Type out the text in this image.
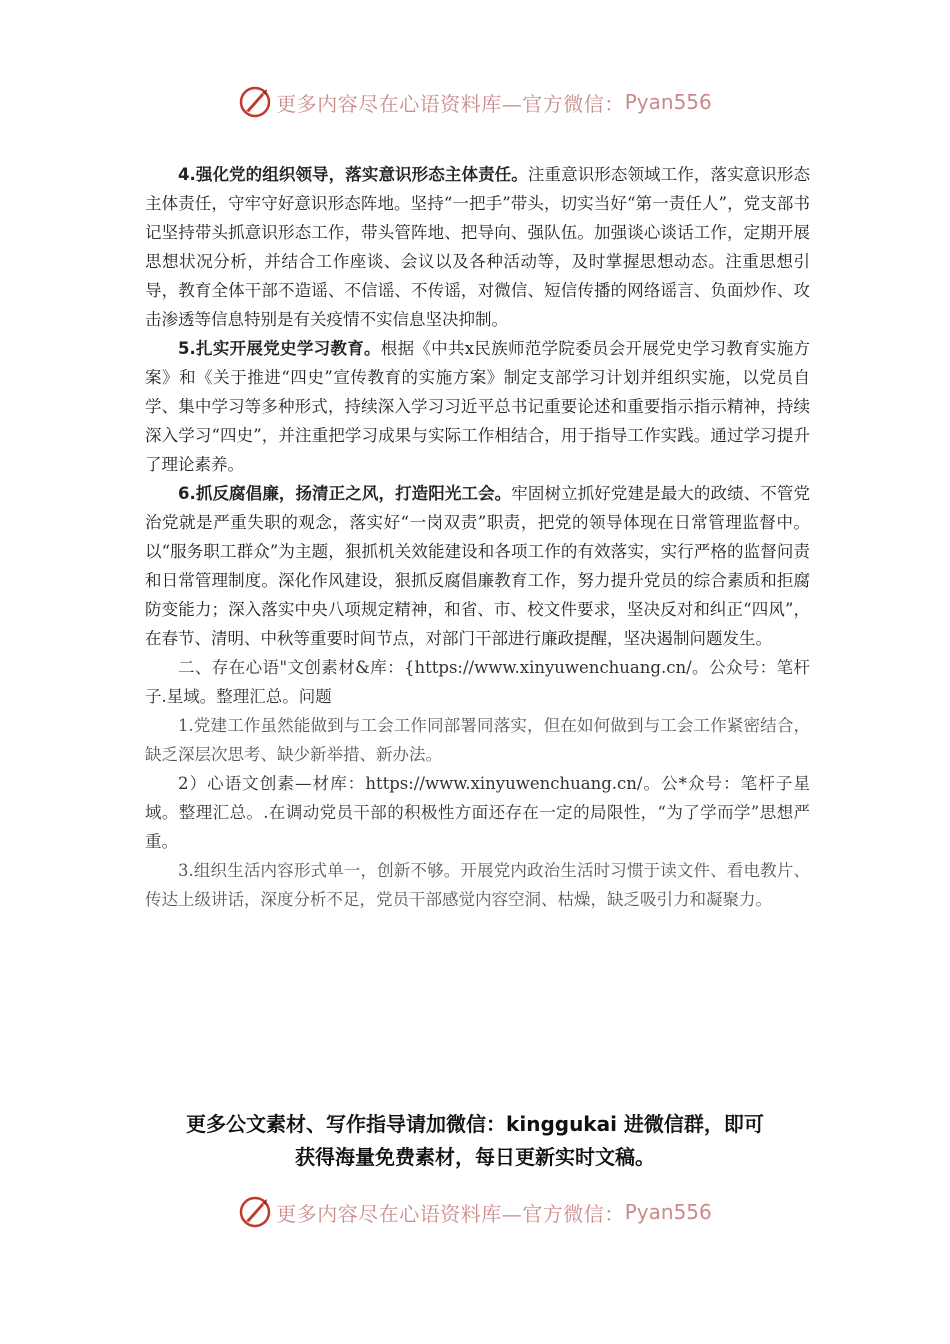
更多内容尽在心语资料库—官方微信： Pyan556

4.强化党的组织领导，落实意识形态主体责任。注重意识形态领域工作，落实意识形态主体责任，守牢守好意识形态阵地。坚持“一把手”带头，切实当好“第一责任人”，党支部书记坚持带头抓意识形态工作，带头管阵地、把导向、强队伍。加强谈心谈话工作，定期开展思想状况分析，并结合工作座谈、会议以及各种活动等，及时掌握思想动态。注重思想引导，教育全体干部不造谣、不信谣、不传谣，对微信、短信传播的网络谣言、负面炒作、攻击渗透等信息特别是有关疫情不实信息坚决抑制。

5.扎实开展党史学习教育。根据《中共x民族师范学院委员会开展党史学习教育实施方案》和《关于推进“四史”宣传教育的实施方案》制定支部学习计划并组织实施，以党员自学、集中学习等多种形式，持续深入学习习近平总书记重要论述和重要指示指示精神，持续深入学习“四史”，并注重把学习成果与实际工作相结合，用于指导工作实践。通过学习提升了理论素养。

6.抓反腐倡廉，扬清正之风，打造阳光工会。牢固树立抓好党建是最大的政绩、不管党治党就是严重失职的观念，落实好“一岗双责”职责，把党的领导体现在日常管理监督中。以“服务职工群众”为主题，狠抓机关效能建设和各项工作的有效落实，实行严格的监督问责和日常管理制度。深化作风建设，狠抓反腐倡廉教育工作，努力提升党员的综合素质和拒腐防变能力；深入落实中央八项规定精神，和省、市、校文件要求，坚决反对和纠正“四风”，在春节、清明、中秋等重要时间节点，对部门干部进行廉政提醒，坚决遏制问题发生。

二、存在心语"文创素材&库：{https://www.xinyuwenchuang.cn/。公众号：笔杆子.星域。整理汇总。问题

1.党建工作虽然能做到与工会工作同部署同落实，但在如何做到与工会工作紧密结合，缺乏深层次思考、缺少新举措、新办法。

2）心语文创素—材库：https://www.xinyuwenchuang.cn/。公*众号：笔杆子星域。整理汇总。.在调动党员干部的积极性方面还存在一定的局限性，“为了学而学”思想严重。

3.组织生活内容形式单一，创新不够。开展党内政治生活时习惯于读文件、看电教片、传达上级讲话，深度分析不足，党员干部感觉内容空洞、枯燥，缺乏吸引力和凝聚力。

更多公文素材、写作指导请加微信：kinggukai 进微信群，即可
获得海量免费素材，每日更新实时文稿。
更多内容尽在心语资料库—官方微信： Pyan556
